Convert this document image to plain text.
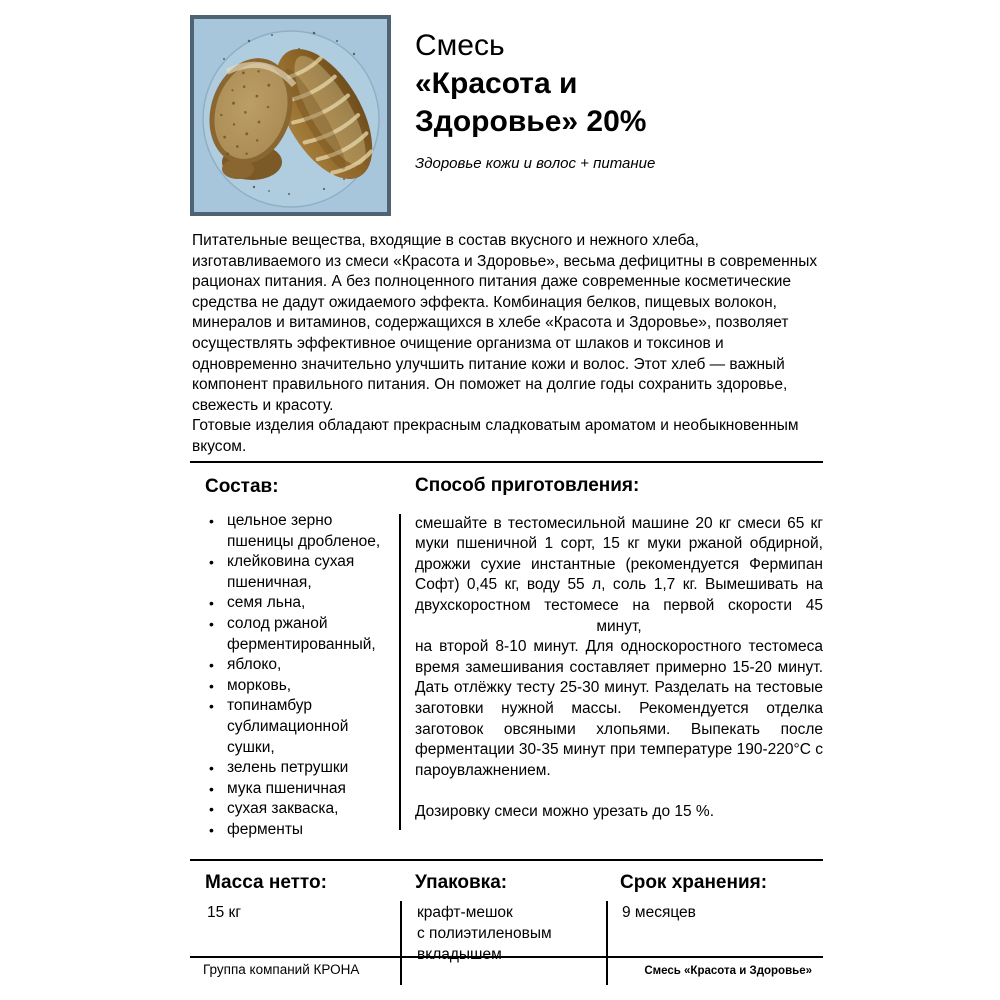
Смесь
«Красота и Здоровье» 20%
Здоровье кожи и волос + питание
Питательные вещества, входящие в состав вкусного и нежного хлеба, изготавливаемого из смеси «Красота и Здоровье», весьма дефицитны в современных рационах питания. А без полноценного питания даже современные косметические средства не дадут ожидаемого эффекта. Комбинация белков, пищевых волокон, минералов и витаминов, содержащихся в хлебе «Красота и Здоровье», позволяет осуществлять эффективное очищение организма от шлаков и токсинов и одновременно значительно улучшить питание кожи и волос. Этот хлеб — важный компонент правильного питания. Он поможет на долгие годы сохранить здоровье, свежесть и красоту.
Готовые изделия обладают прекрасным сладковатым ароматом и необыкновенным вкусом.
Состав:
• цельное зерно пшеницы дробленое,
• клейковина сухая пшеничная,
• семя льна,
• солод ржаной ферментированный,
• яблоко,
• морковь,
• топинамбур сублимационной сушки,
• зелень петрушки
• мука пшеничная
• сухая закваска,
• ферменты
Способ приготовления:
смешайте в тестомесильной машине 20 кг смеси 65 кг муки пшеничной 1 сорт, 15 кг муки ржаной обдирной, дрожжи сухие инстантные (рекомендуется Фермипан Софт) 0,45 кг, воду 55 л, соль 1,7 кг. Вымешивать на двухскоростном тестомесе на первой скорости 45
минут,
на второй 8-10 минут. Для односкоростного тестомеса время замешивания составляет примерно 15-20 минут. Дать отлёжку тесту 25-30 минут. Разделать на тестовые заготовки нужной массы. Рекомендуется отделка заготовок овсяными хлопьями. Выпекать после ферментации 30-35 минут при температуре 190-220°С с пароувлажнением.
Дозировку смеси можно урезать до 15 %.
Масса нетто:
15 кг
Упаковка:
крафт-мешок
с полиэтиленовым
вкладышем
Срок хранения:
9 месяцев
Группа компаний КРОНА	Смесь «Красота и Здоровье»
